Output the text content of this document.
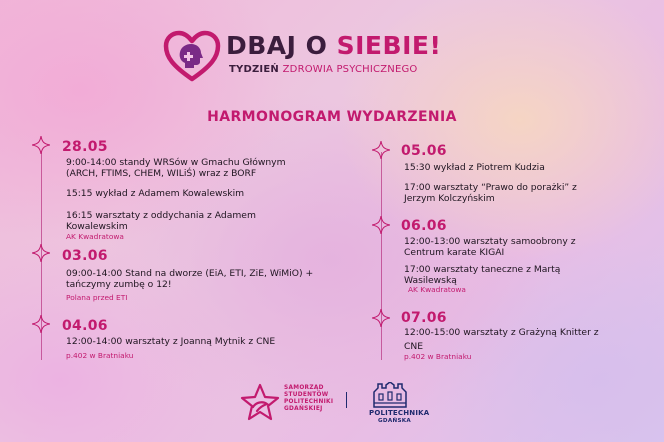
DBAJ O SIEBIE!
TYDZIEŃ ZDROWIA PSYCHICZNEGO
HARMONOGRAM WYDARZENIA
28.05
9:00-14:00 standy WRSów w Gmachu Głównym
(ARCH, FTIMS, CHEM, WILiŚ) wraz z BORF
15:15 wykład z Adamem Kowalewskim
16:15 warsztaty z oddychania z Adamem
Kowalewskim
AK Kwadratowa
03.06
09:00-14:00 Stand na dworze (EiA, ETI, ZiE, WiMiO) +
tańczymy zumbę o 12!
Polana przed ETI
04.06
12:00-14:00 warsztaty z Joanną Mytnik z CNE
p.402 w Bratniaku
05.06
15:30 wykład z Piotrem Kudzia
17:00 warsztaty “Prawo do porażki” z
Jerzym Kolczyńskim
06.06
12:00-13:00 warsztaty samoobrony z
Centrum karate KIGAI
17:00 warsztaty taneczne z Martą
Wasilewską
AK Kwadratowa
07.06
12:00-15:00 warsztaty z Grażyną Knitter z
CNE
p.402 w Bratniaku
SAMORZĄD
STUDENTÓW
POLITECHNIKI
GDAŃSKIEJ	POLITECHNIKA
GDAŃSKA
